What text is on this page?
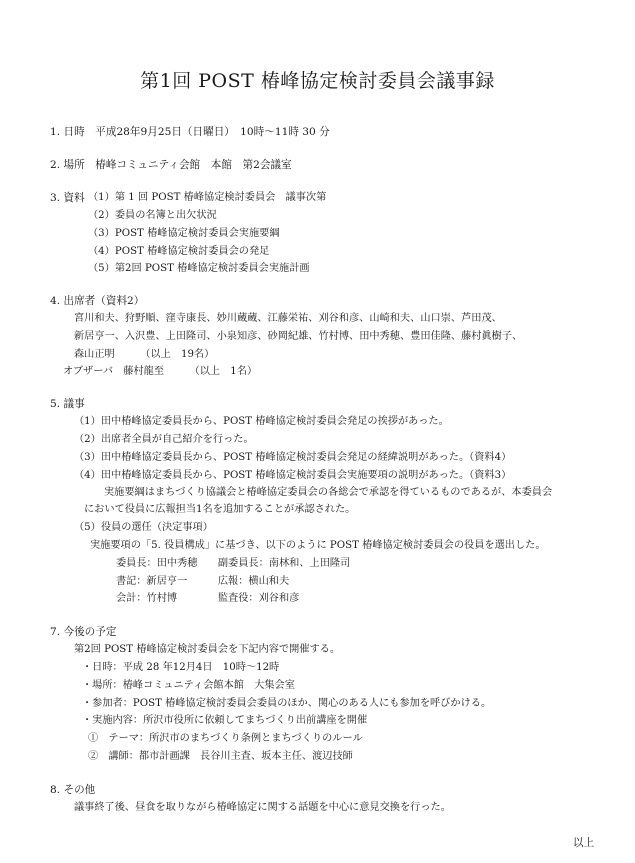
第1回 POST 椿峰協定検討委員会議事録
1. 日時　平成28年9月25日（日曜日）　10時〜11時 30 分
2. 場所　椿峰コミュニティ会館　本館　第2会議室
3. 資料 （1）第 1 回 POST 椿峰協定検討委員会　議事次第
（2）委員の名簿と出欠状況
（3）POST 椿峰協定検討委員会実施要綱
（4）POST 椿峰協定検討委員会の発足
（5）第2回 POST 椿峰協定検討委員会実施計画
4. 出席者（資料2）
宮川和夫、狩野順、窪寺康長、妙川蔵蔵、江藤栄祐、刈谷和彦、山崎和夫、山口崇、芦田茂、
新居亨一、入沢豊、上田隆司、小泉知彦、砂岡紀雄、竹村博、田中秀穂、豊田佳隆、藤村眞樹子、
森山正明　　　（以上　19名）
オブザーバ　藤村龍至　　　（以上　1名）
5. 議事
（1）田中椿峰協定委員長から、POST 椿峰協定検討委員会発足の挨拶があった。
（2）出席者全員が自己紹介を行った。
（3）田中椿峰協定委員長から、POST 椿峰協定検討委員会発足の経緯説明があった。（資料4）
（4）田中椿峰協定委員長から、POST 椿峰協定検討委員会実施要項の説明があった。（資料3）
実施要綱はまちづくり協議会と椿峰協定委員会の各総会で承認を得ているものであるが、本委員会
において役員に広報担当1名を追加することが承認された。
（5）役員の選任（決定事項）
実施要項の「5. 役員構成」に基づき、以下のように POST 椿峰協定検討委員会の役員を選出した。
委員長：田中秀穂　　副委員長：南林和、上田隆司
書記：新居亨一　　　広報：横山和夫
会計：竹村博　　　　監査役：刈谷和彦
7. 今後の予定
第2回 POST 椿峰協定検討委員会を下記内容で開催する。
・日時：平成 28 年12月4日　10時〜12時
・場所：椿峰コミュニティ会館本館　大集会室
・参加者：POST 椿峰協定検討委員会委員のほか、関心のある人にも参加を呼びかける。
・実施内容：所沢市役所に依頼してまちづくり出前講座を開催
①　テーマ：所沢市のまちづくり条例とまちづくりのルール
②　講師：都市計画課　長谷川主査、坂本主任、渡辺技師
8. その他
議事終了後、昼食を取りながら椿峰協定に関する話題を中心に意見交換を行った。
以上
